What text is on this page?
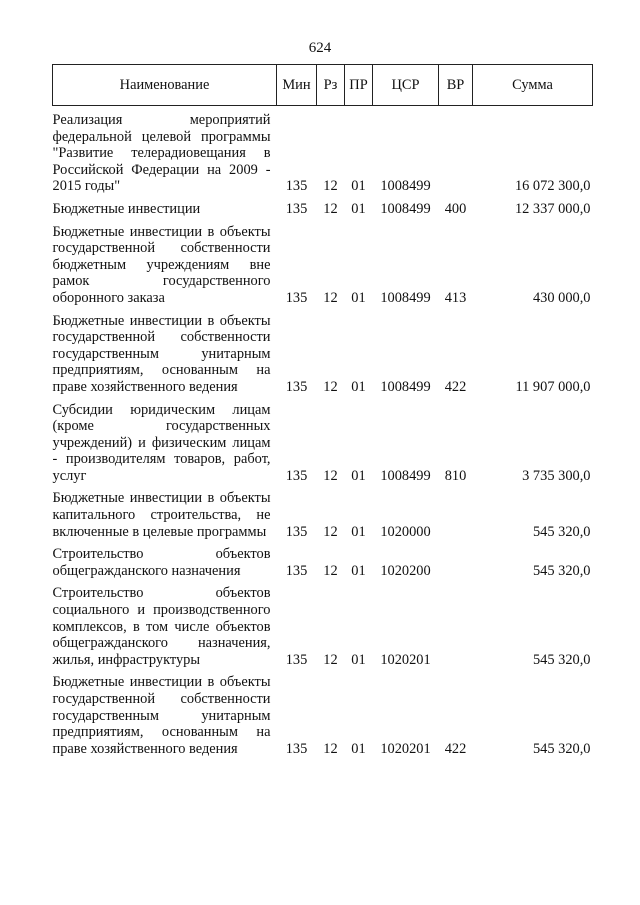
624
Наименование	Мин	Рз	ПР	ЦСР	ВР	Сумма
Реализация мероприятий федеральной целевой программы "Развитие телерадиовещания в Российской Федерации на 2009 - 2015 годы"	135	12	01	1008499		16 072 300,0

Бюджетные инвестиции	135	12	01	1008499	400	12 337 000,0

Бюджетные инвестиции в объекты государственной собственности бюджетным учреждениям вне рамок государственного оборонного заказа	135	12	01	1008499	413	430 000,0

Бюджетные инвестиции в объекты государственной собственности государственным унитарным предприятиям, основанным на праве хозяйственного ведения	135	12	01	1008499	422	11 907 000,0

Субсидии юридическим лицам (кроме государственных учреждений) и физическим лицам - производителям товаров, работ, услуг	135	12	01	1008499	810	3 735 300,0

Бюджетные инвестиции в объекты капитального строительства, не включенные в целевые программы	135	12	01	1020000		545 320,0

Строительство объектов общегражданского назначения	135	12	01	1020200		545 320,0

Строительство объектов социального и производственного комплексов, в том числе объектов общегражданского назначения, жилья, инфраструктуры	135	12	01	1020201		545 320,0

Бюджетные инвестиции в объекты государственной собственности государственным унитарным предприятиям, основанным на праве хозяйственного ведения	135	12	01	1020201	422	545 320,0
